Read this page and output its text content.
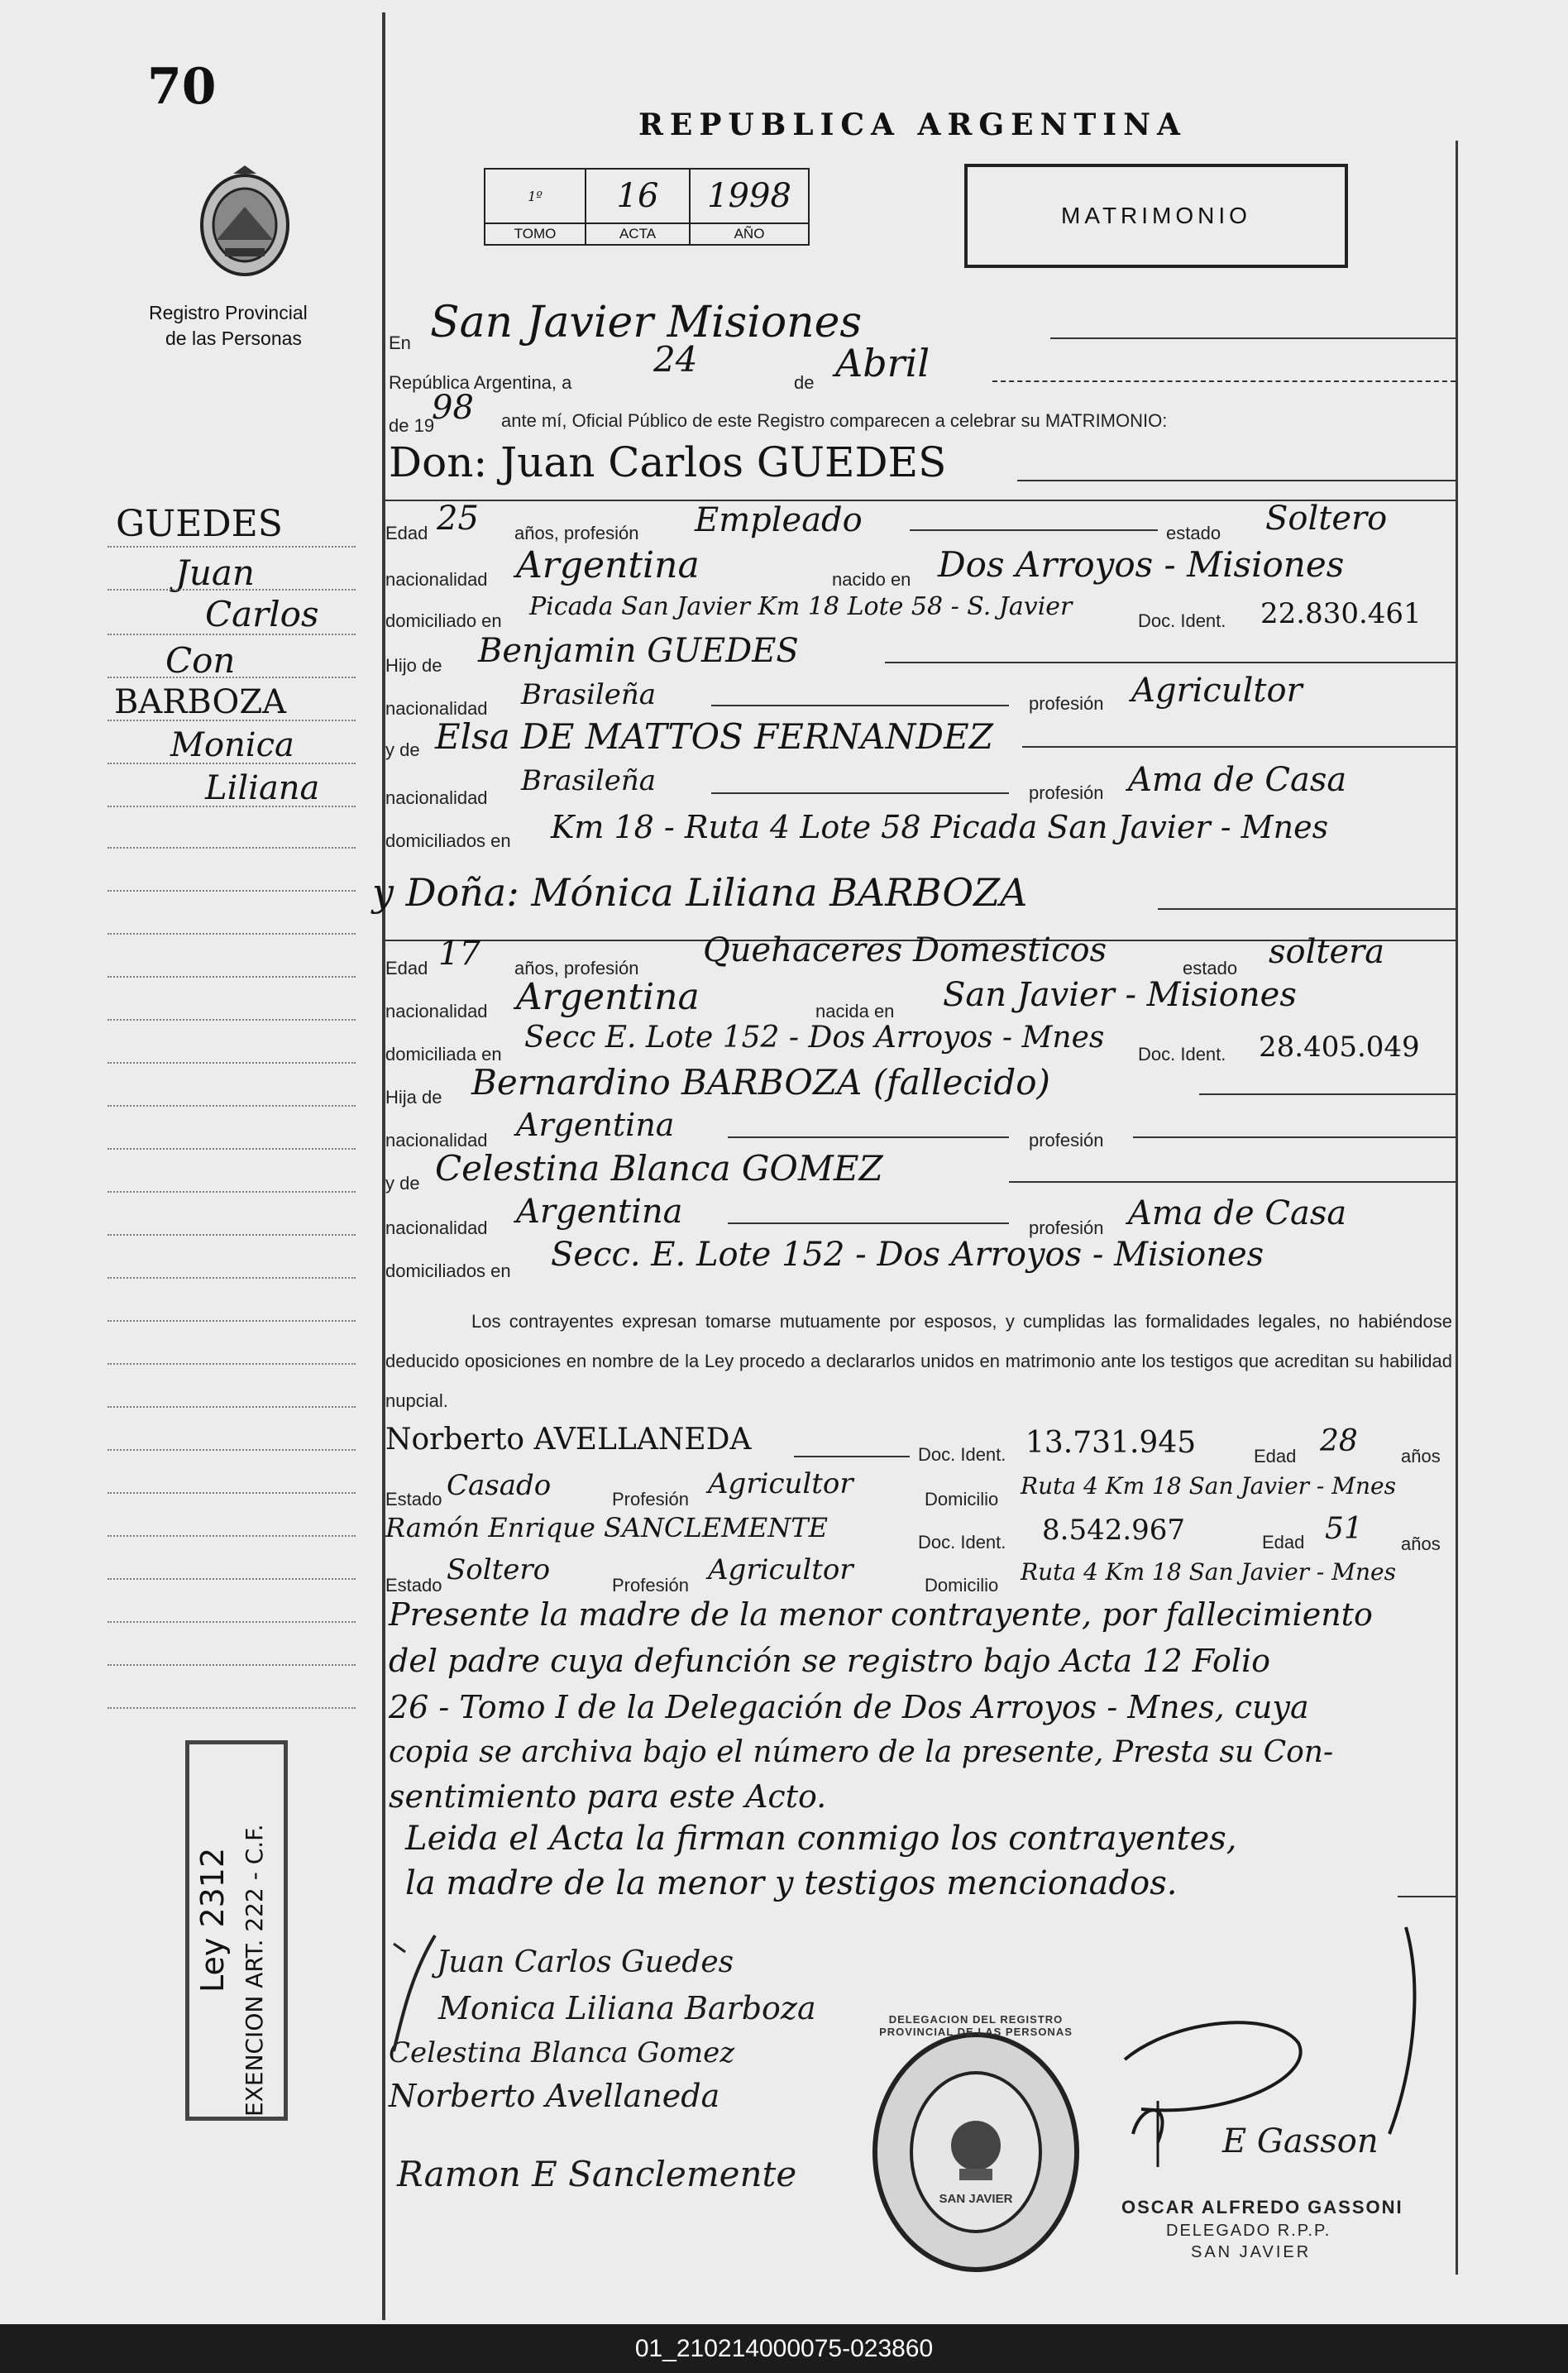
70
Registro Provincial
de las Personas
REPUBLICA ARGENTINA
1º	16	1998
TOMO	ACTA	AÑO
MATRIMONIO
GUEDES
Juan
Carlos
Con
BARBOZA
Monica
Liliana
Ley 2312 EXENCION ART. 222 - C.F.
En San Javier Misiones
República Argentina, a
24
de Abril
de 19
98 ante mí, Oficial Público de este Registro comparecen a celebrar su MATRIMONIO:
Don: Juan Carlos GUEDES
Edad 25 años, profesión Empleado	estado Soltero
nacionalidad Argentina	nacido en Dos Arroyos - Misiones
domiciliado en Picada San Javier Km 18 Lote 58 - S. Javier	Doc. Ident. 22.830.461
Hijo de Benjamin GUEDES
nacionalidad Brasileña	profesión Agricultor
y de Elsa DE MATTOS FERNANDEZ
nacionalidad
Brasileña	profesión Ama de Casa
domiciliados en Km 18 - Ruta 4 Lote 58 Picada San Javier - Mnes
y Doña: Mónica Liliana BARBOZA
Edad 17 años, profesión Quehaceres Domesticos	estado soltera
nacionalidad Argentina	nacida en San Javier - Misiones
domiciliada en Secc E. Lote 152 - Dos Arroyos - Mnes Doc. Ident. 28.405.049
Hija de Bernardino BARBOZA (fallecido)
nacionalidad Argentina	profesión
y de Celestina Blanca GOMEZ
nacionalidad Argentina	profesión Ama de Casa
domiciliados en Secc. E. Lote 152 - Dos Arroyos - Misiones
Los contrayentes expresan tomarse mutuamente por esposos, y cumplidas las formalidades legales, no habiéndose deducido oposiciones en nombre de la Ley procedo a declararlos unidos en matrimonio ante los testigos que acreditan su habilidad nupcial.
Norberto AVELLANEDA	Doc. Ident. 13.731.945	Edad 28 años
Estado Casado	Profesión Agricultor	Domicilio Ruta 4 Km 18 San Javier - Mnes
Ramón Enrique SANCLEMENTE	Doc. Ident. 8.542.967	Edad 51 años
Estado Soltero	Profesión Agricultor	Domicilio Ruta 4 Km 18 San Javier - Mnes
Presente la madre de la menor contrayente, por fallecimiento
del padre cuya defunción se registro bajo Acta 12 Folio
26 - Tomo I de la Delegación de Dos Arroyos - Mnes, cuya
copia se archiva bajo el número de la presente, Presta su Con-
sentimiento para este Acto.
Leida el Acta la firman conmigo los contrayentes,
la madre de la menor y testigos mencionados.
Juan Carlos Guedes
Monica Liliana Barboza
Celestina Blanca Gomez
Norberto Avellaneda
Ramon E Sanclemente
DELEGACION DEL REGISTRO PROVINCIAL DE LAS PERSONAS
SAN JAVIER
E Gasson
OSCAR ALFREDO GASSONI
DELEGADO R.P.P.
SAN JAVIER
01_210214000075-023860
